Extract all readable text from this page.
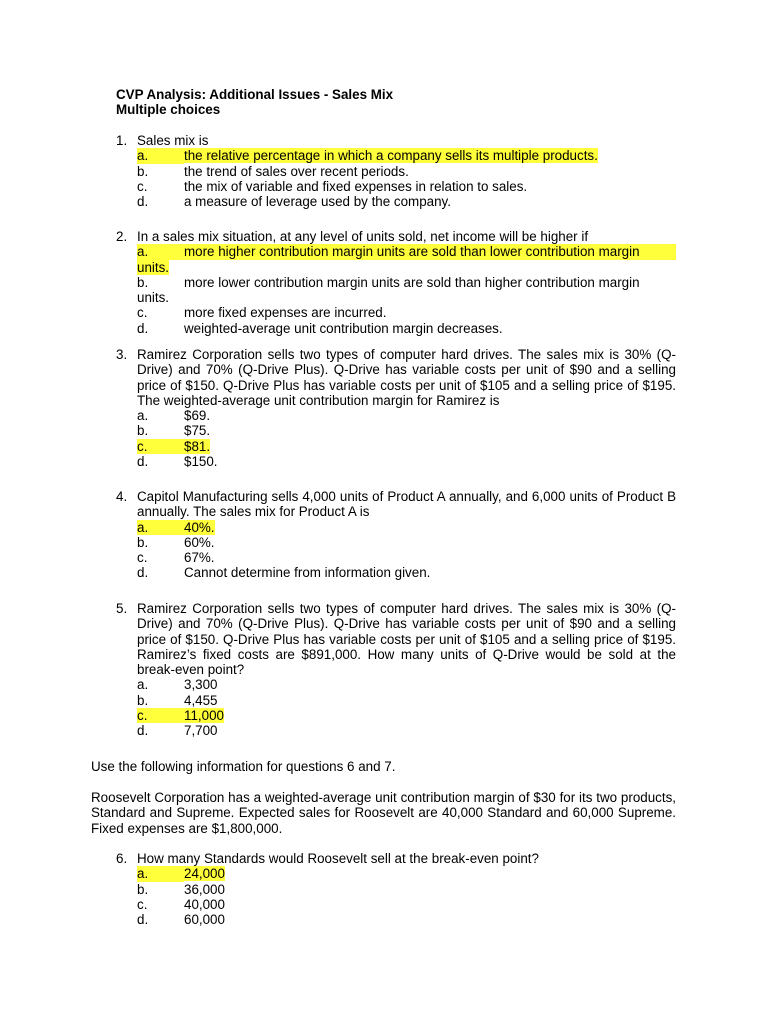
CVP Analysis: Additional Issues - Sales Mix
Multiple choices
1. Sales mix is
a.	the relative percentage in which a company sells its multiple products.
b.	the trend of sales over recent periods.
c.	the mix of variable and fixed expenses in relation to sales.
d.	a measure of leverage used by the company.
2. In a sales mix situation, at any level of units sold, net income will be higher if
a.	more higher contribution margin units are sold than lower contribution margin
units.
b.	more lower contribution margin units are sold than higher contribution margin
units.
c.	more fixed expenses are incurred.
d.	weighted-average unit contribution margin decreases.
3. Ramirez Corporation sells two types of computer hard drives. The sales mix is 30% (Q-Drive) and 70% (Q-Drive Plus). Q-Drive has variable costs per unit of $90 and a selling price of $150. Q-Drive Plus has variable costs per unit of $105 and a selling price of $195. The weighted-average unit contribution margin for Ramirez is
a.	$69.
b.	$75.
c.	$81.
d.	$150.
4. Capitol Manufacturing sells 4,000 units of Product A annually, and 6,000 units of Product B annually. The sales mix for Product A is
a.	40%.
b.	60%.
c.	67%.
d.	Cannot determine from information given.
5. Ramirez Corporation sells two types of computer hard drives. The sales mix is 30% (Q-Drive) and 70% (Q-Drive Plus). Q-Drive has variable costs per unit of $90 and a selling price of $150. Q-Drive Plus has variable costs per unit of $105 and a selling price of $195. Ramirez’s fixed costs are $891,000. How many units of Q-Drive would be sold at the break-even point?
a.	3,300
b.	4,455
c.	11,000
d.	7,700
Use the following information for questions 6 and 7.
Roosevelt Corporation has a weighted-average unit contribution margin of $30 for its two products, Standard and Supreme. Expected sales for Roosevelt are 40,000 Standard and 60,000 Supreme. Fixed expenses are $1,800,000.
6. How many Standards would Roosevelt sell at the break-even point?
a.	24,000
b.	36,000
c.	40,000
d.	60,000
